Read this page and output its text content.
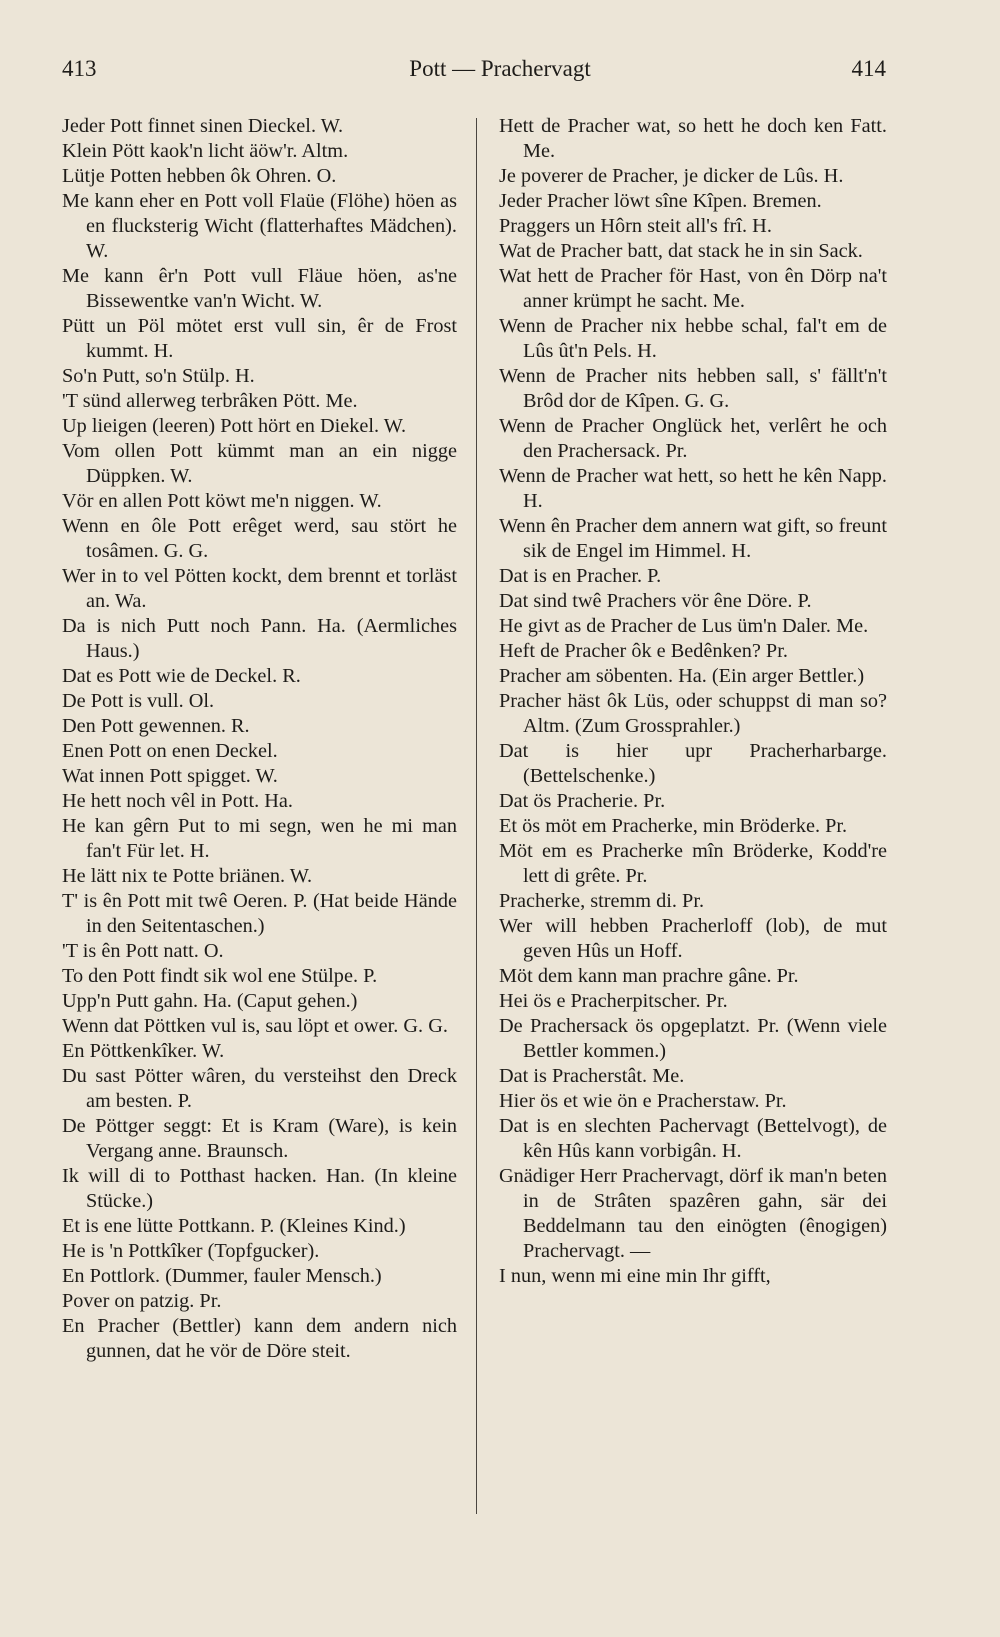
413	Pott — Prachervagt	414

Jeder Pott finnet sinen Dieckel. W.

Klein Pött kaok'n licht äöw'r. Altm.

Lütje Potten hebben ôk Ohren. O.

Me kann eher en Pott voll Flaüe (Flöhe) höen as en flucksterig Wicht (flatterhaftes Mädchen). W.

Me kann êr'n Pott vull Fläue höen, as'ne Bissewentke van'n Wicht. W.

Pütt un Pöl mötet erst vull sin, êr de Frost kummt. H.

So'n Putt, so'n Stülp. H.

'T sünd allerweg terbrâken Pött. Me.

Up lieigen (leeren) Pott hört en Diekel. W.

Vom ollen Pott kümmt man an ein nigge Düppken. W.

Vör en allen Pott köwt me'n niggen. W.

Wenn en ôle Pott erêget werd, sau stört he tosâmen. G. G.

Wer in to vel Pötten kockt, dem brennt et torläst an. Wa.

Da is nich Putt noch Pann. Ha. (Aermliches Haus.)

Dat es Pott wie de Deckel. R.

De Pott is vull. Ol.

Den Pott gewennen. R.

Enen Pott on enen Deckel.

Wat innen Pott spigget. W.

He hett noch vêl in Pott. Ha.

He kan gêrn Put to mi segn, wen he mi man fan't Für let. H.

He lätt nix te Potte briänen. W.

T' is ên Pott mit twê Oeren. P. (Hat beide Hände in den Seitentaschen.)

'T is ên Pott natt. O.

To den Pott findt sik wol ene Stülpe. P.

Upp'n Putt gahn. Ha. (Caput gehen.)

Wenn dat Pöttken vul is, sau löpt et ower. G. G.

En Pöttkenkîker. W.

Du sast Pötter wâren, du versteihst den Dreck am besten. P.

De Pöttger seggt: Et is Kram (Ware), is kein Vergang anne. Braunsch.

Ik will di to Potthast hacken. Han. (In kleine Stücke.)

Et is ene lütte Pottkann. P. (Kleines Kind.)

He is 'n Pottkîker (Topfgucker).

En Pottlork. (Dummer, fauler Mensch.)

Pover on patzig. Pr.

En Pracher (Bettler) kann dem andern nich gunnen, dat he vör de Döre steit.

Hett de Pracher wat, so hett he doch ken Fatt. Me.

Je poverer de Pracher, je dicker de Lûs. H.

Jeder Pracher löwt sîne Kîpen. Bremen.

Praggers un Hôrn steit all's frî. H.

Wat de Pracher batt, dat stack he in sin Sack.

Wat hett de Pracher för Hast, von ên Dörp na't anner krümpt he sacht. Me.

Wenn de Pracher nix hebbe schal, fal't em de Lûs ût'n Pels. H.

Wenn de Pracher nits hebben sall, s' fällt'n't Brôd dor de Kîpen. G. G.

Wenn de Pracher Onglück het, verlêrt he och den Prachersack. Pr.

Wenn de Pracher wat hett, so hett he kên Napp. H.

Wenn ên Pracher dem annern wat gift, so freunt sik de Engel im Himmel. H.

Dat is en Pracher. P.

Dat sind twê Prachers vör êne Döre. P.

He givt as de Pracher de Lus üm'n Daler. Me.

Heft de Pracher ôk e Bedênken? Pr.

Pracher am söbenten. Ha. (Ein arger Bettler.)

Pracher häst ôk Lüs, oder schuppst di man so? Altm. (Zum Grossprahler.)

Dat is hier upr Pracherharbarge. (Bettelschenke.)

Dat ös Pracherie. Pr.

Et ös möt em Pracherke, min Bröderke. Pr.

Möt em es Pracherke mîn Bröderke, Kodd're lett di grête. Pr.

Pracherke, stremm di. Pr.

Wer will hebben Pracherloff (lob), de mut geven Hûs un Hoff.

Möt dem kann man prachre gâne. Pr.

Hei ös e Pracherpitscher. Pr.

De Prachersack ös opgeplatzt. Pr. (Wenn viele Bettler kommen.)

Dat is Pracherstât. Me.

Hier ös et wie ön e Pracherstaw. Pr.

Dat is en slechten Pachervagt (Bettelvogt), de kên Hûs kann vorbigân. H.

Gnädiger Herr Prachervagt, dörf ik man'n beten in de Strâten spazêren gahn, sär dei Beddelmann tau den einögten (ênogigen) Prachervagt. —

I nun, wenn mi eine min Ihr gifft,
